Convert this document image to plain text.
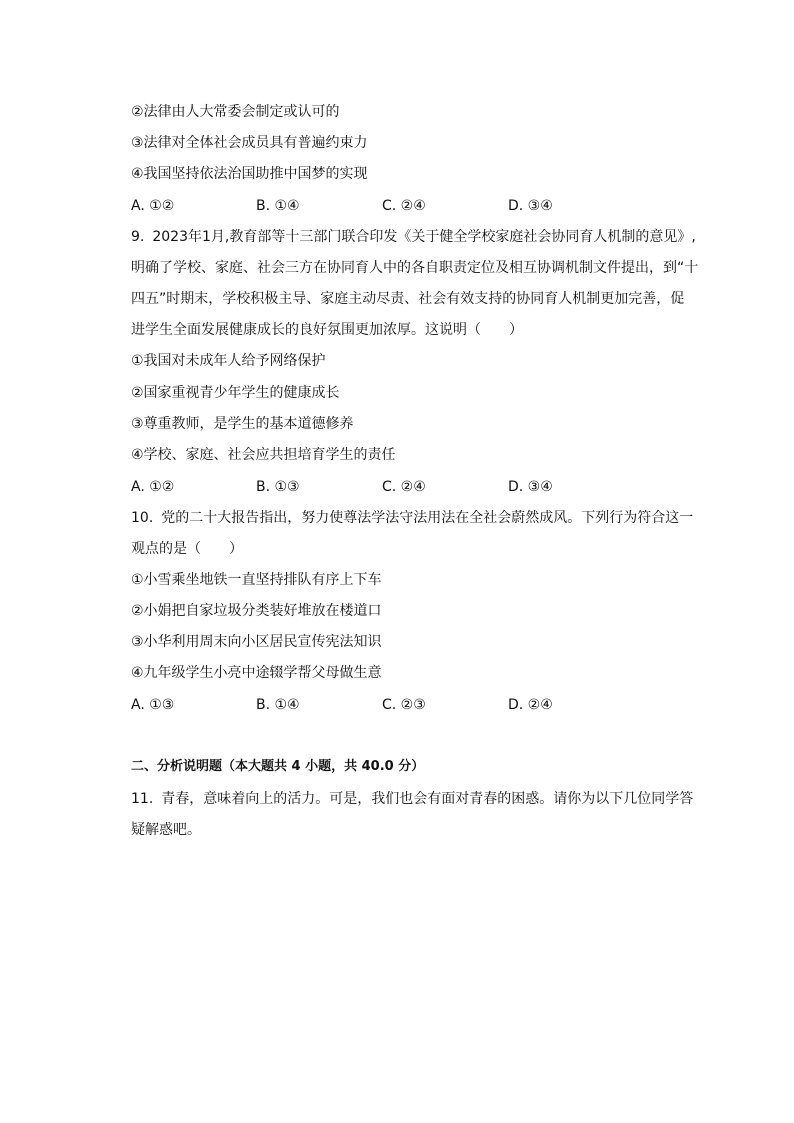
②法律由人大常委会制定或认可的
③法律对全体社会成员具有普遍约束力
④我国坚持依法治国助推中国梦的实现
A. ①②	B. ①④	C. ②④	D. ③④
9. 2023年1月,教育部等十三部门联合印发《关于健全学校家庭社会协同育人机制的意见》,
明确了学校、家庭、社会三方在协同育人中的各自职责定位及相互协调机制文件提出，到“十
四五”时期末，学校积极主导、家庭主动尽责、社会有效支持的协同育人机制更加完善，促
进学生全面发展健康成长的良好氛围更加浓厚。这说明（　　）
①我国对未成年人给予网络保护
②国家重视青少年学生的健康成长
③尊重教师，是学生的基本道德修养
④学校、家庭、社会应共担培育学生的责任
A. ①②	B. ①③	C. ②④	D. ③④
10. 党的二十大报告指出，努力使尊法学法守法用法在全社会蔚然成风。下列行为符合这一
观点的是（　　）
①小雪乘坐地铁一直坚持排队有序上下车
②小娟把自家垃圾分类装好堆放在楼道口
③小华利用周末向小区居民宣传宪法知识
④九年级学生小亮中途辍学帮父母做生意
A. ①③	B. ①④	C. ②③	D. ②④
二、分析说明题（本大题共 4 小题，共 40.0 分）
11. 青春，意味着向上的活力。可是，我们也会有面对青春的困惑。请你为以下几位同学答
疑解惑吧。
